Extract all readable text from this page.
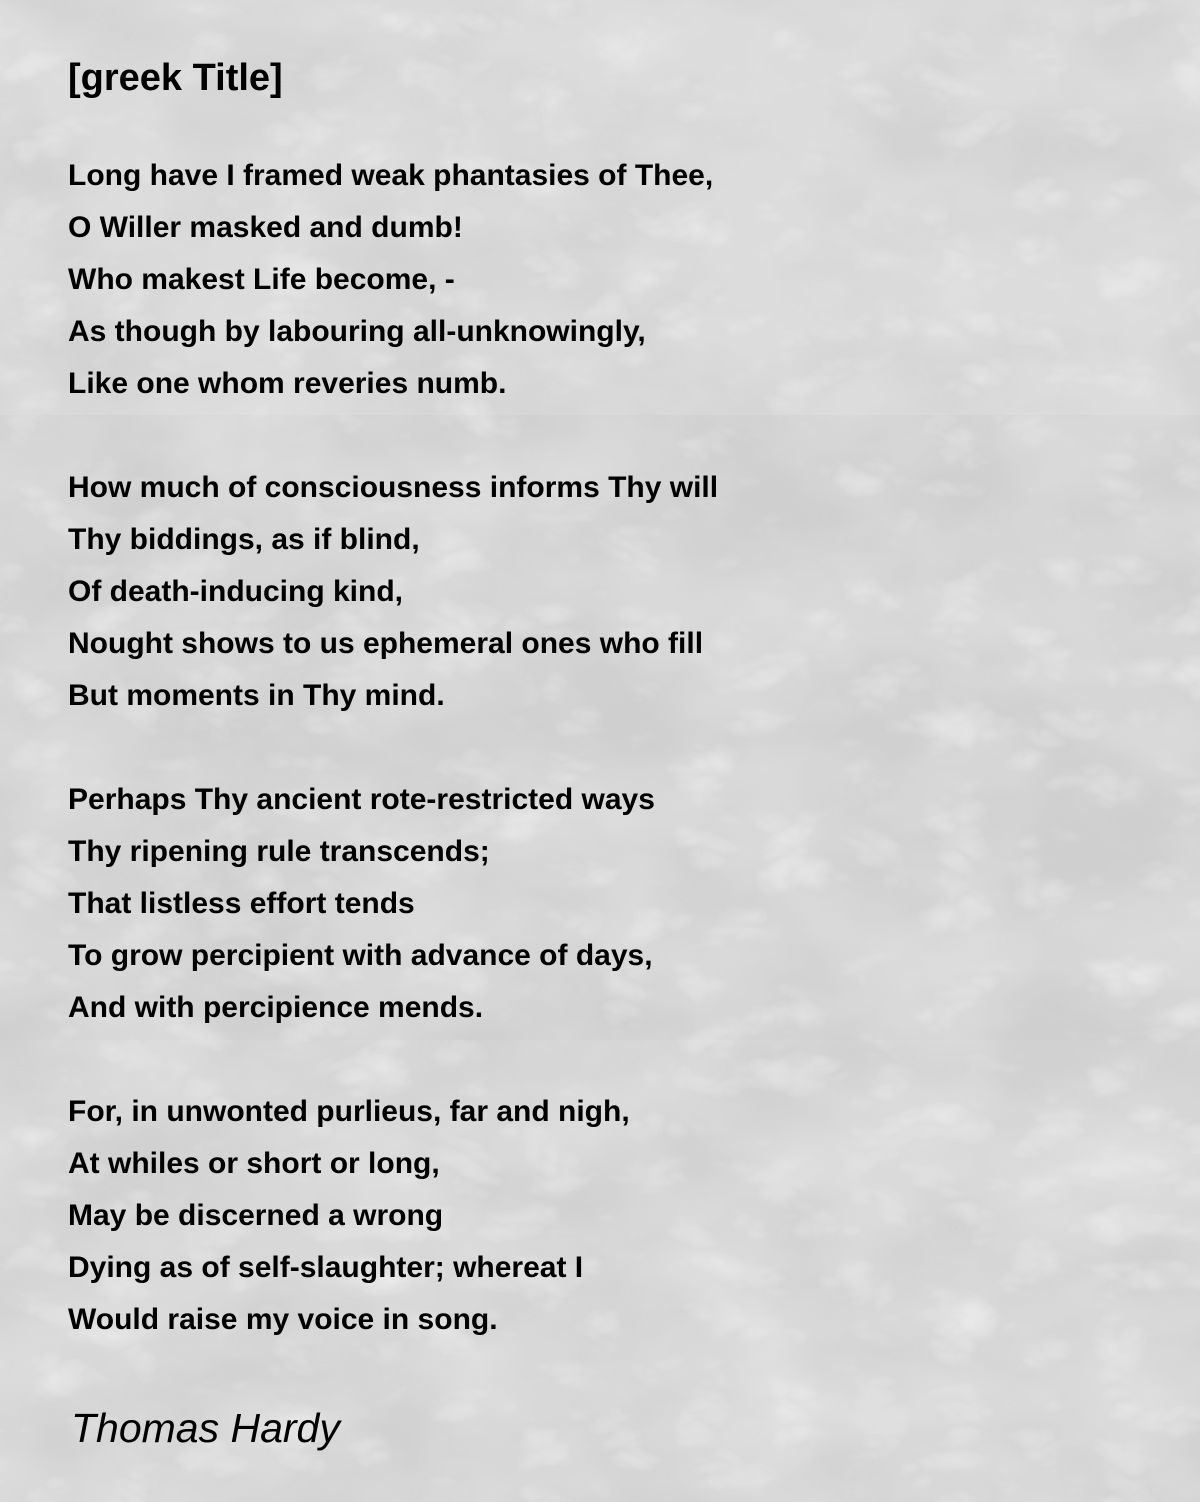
[greek Title]
Long have I framed weak phantasies of Thee,
O Willer masked and dumb!
Who makest Life become, -
As though by labouring all-unknowingly,
Like one whom reveries numb.
How much of consciousness informs Thy will
Thy biddings, as if blind,
Of death-inducing kind,
Nought shows to us ephemeral ones who fill
But moments in Thy mind.
Perhaps Thy ancient rote-restricted ways
Thy ripening rule transcends;
That listless effort tends
To grow percipient with advance of days,
And with percipience mends.
For, in unwonted purlieus, far and nigh,
At whiles or short or long,
May be discerned a wrong
Dying as of self-slaughter; whereat I
Would raise my voice in song.
Thomas Hardy
